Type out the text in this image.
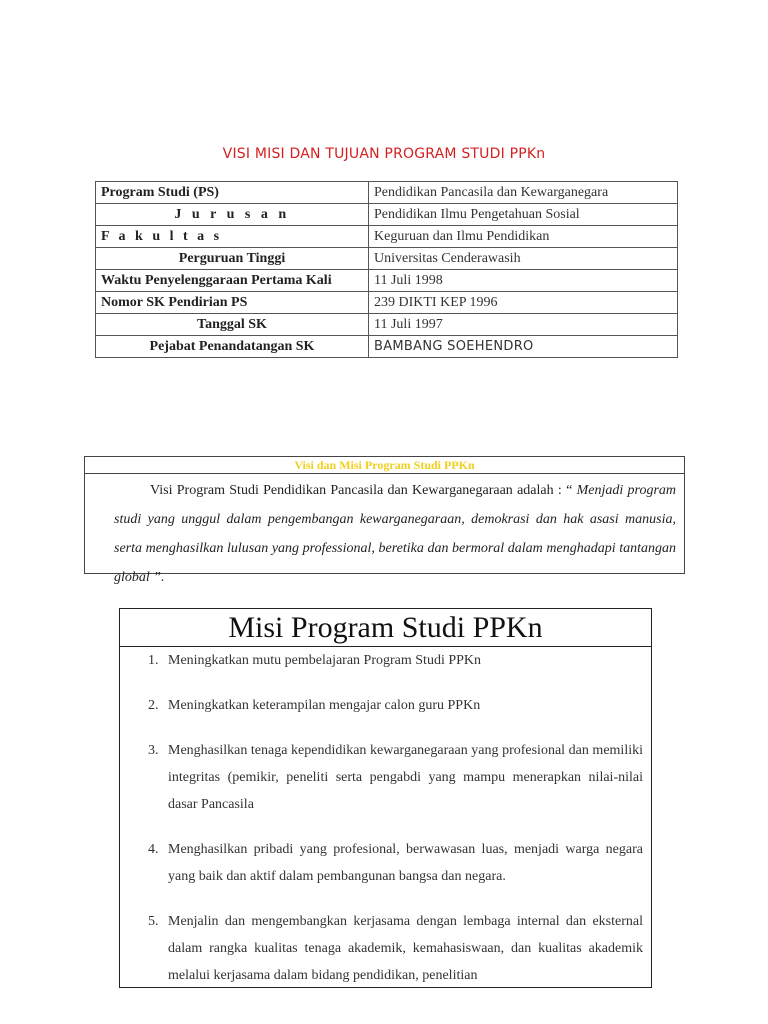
VISI MISI DAN TUJUAN PROGRAM STUDI PPKn
Program Studi (PS)	Pendidikan Pancasila dan Kewarganegara
J u r u s a n	Pendidikan Ilmu Pengetahuan Sosial
F a k u l t a s	Keguruan dan Ilmu Pendidikan
Perguruan Tinggi	Universitas Cenderawasih
Waktu Penyelenggaraan Pertama Kali	11 Juli 1998
Nomor SK Pendirian PS	239 DIKTI KEP 1996
Tanggal SK	11 Juli 1997
Pejabat Penandatangan SK	BAMBANG SOEHENDRO
Visi dan Misi Program Studi PPKn
Visi Program Studi Pendidikan Pancasila dan Kewarganegaraan adalah : “ Menjadi program studi yang unggul dalam pengembangan kewarganegaraan, demokrasi dan hak asasi manusia, serta menghasilkan lulusan yang professional, beretika dan bermoral dalam menghadapi tantangan global ”.
Misi Program Studi PPKn
1. Meningkatkan mutu pembelajaran Program Studi PPKn
2. Meningkatkan keterampilan mengajar calon guru PPKn
3. Menghasilkan tenaga kependidikan kewarganegaraan yang profesional dan memiliki integritas (pemikir, peneliti serta pengabdi yang mampu menerapkan nilai-nilai dasar Pancasila
4. Menghasilkan pribadi yang profesional, berwawasan luas, menjadi warga negara yang baik dan aktif dalam pembangunan bangsa dan negara.
5. Menjalin dan mengembangkan kerjasama dengan lembaga internal dan eksternal dalam rangka kualitas tenaga akademik, kemahasiswaan, dan kualitas akademik melalui kerjasama dalam bidang pendidikan, penelitian
